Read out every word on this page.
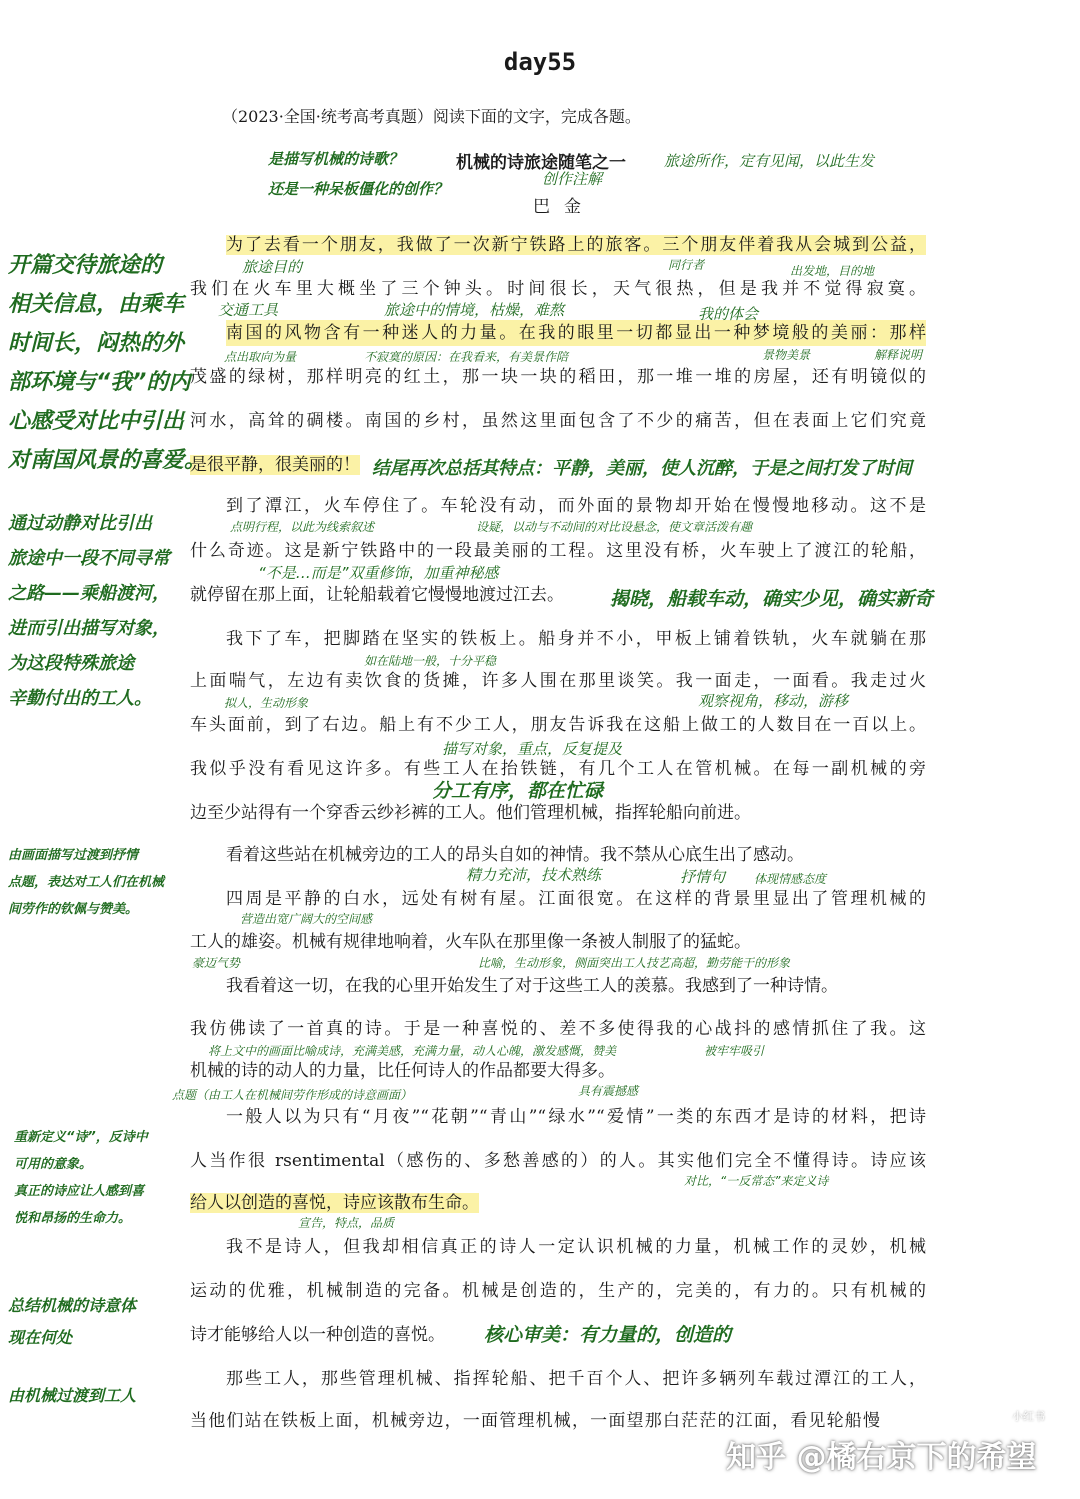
day55
（2023·全国·统考高考真题）阅读下面的文字，完成各题。
机械的诗旅途随笔之一
巴金
为了去看一个朋友，我做了一次新宁铁路上的旅客。三个朋友伴着我从会城到公益，
我们在火车里大概坐了三个钟头。时间很长，天气很热，但是我并不觉得寂寞。
南国的风物含有一种迷人的力量。在我的眼里一切都显出一种梦境般的美丽：那样
茂盛的绿树，那样明亮的红土，那一块一块的稻田，那一堆一堆的房屋，还有明镜似的
河水，高耸的碉楼。南国的乡村，虽然这里面包含了不少的痛苦，但在表面上它们究竟
是很平静，很美丽的！
到了潭江，火车停住了。车轮没有动，而外面的景物却开始在慢慢地移动。这不是
什么奇迹。这是新宁铁路中的一段最美丽的工程。这里没有桥，火车驶上了渡江的轮船，
就停留在那上面，让轮船载着它慢慢地渡过江去。
我下了车，把脚踏在坚实的铁板上。船身并不小，甲板上铺着铁轨，火车就躺在那
上面喘气，左边有卖饮食的货摊，许多人围在那里谈笑。我一面走，一面看。我走过火
车头面前，到了右边。船上有不少工人，朋友告诉我在这船上做工的人数目在一百以上。
我似乎没有看见这许多。有些工人在抬铁链，有几个工人在管机械。在每一副机械的旁
边至少站得有一个穿香云纱衫裤的工人。他们管理机械，指挥轮船向前进。
看着这些站在机械旁边的工人的昂头自如的神情。我不禁从心底生出了感动。
四周是平静的白水，远处有树有屋。江面很宽。在这样的背景里显出了管理机械的
工人的雄姿。机械有规律地响着，火车队在那里像一条被人制服了的猛蛇。
我看着这一切，在我的心里开始发生了对于这些工人的羡慕。我感到了一种诗情。
我仿佛读了一首真的诗。于是一种喜悦的、差不多使得我的心战抖的感情抓住了我。这
机械的诗的动人的力量，比任何诗人的作品都要大得多。
一般人以为只有“月夜”“花朝”“青山”“绿水”“爱情”一类的东西才是诗的材料，把诗
人当作很 rsentimental（感伤的、多愁善感的）的人。其实他们完全不懂得诗。诗应该
给人以创造的喜悦，诗应该散布生命。
我不是诗人，但我却相信真正的诗人一定认识机械的力量，机械工作的灵妙，机械
运动的优雅，机械制造的完备。机械是创造的，生产的，完美的，有力的。只有机械的
诗才能够给人以一种创造的喜悦。
那些工人，那些管理机械、指挥轮船、把千百个人、把许多辆列车载过潭江的工人，
当他们站在铁板上面，机械旁边，一面管理机械，一面望那白茫茫的江面，看见轮船慢
是描写机械的诗歌？
还是一种呆板僵化的创作？
创作注解
旅途所作，定有见闻，以此生发
旅途目的	同行者	出发地，目的地
交通工具	旅途中的情境，枯燥，难熬	我的体会
点出取向为量	不寂寞的原因：在我看来，有美景作陪	景物美景	解释说明
结尾再次总括其特点：平静，美丽，使人沉醉，于是之间打发了时间
点明行程，以此为线索叙述	设疑，以动与不动间的对比设悬念，使文章活泼有趣
“不是…而是”双重修饰，加重神秘感
揭晓，船载车动，确实少见，确实新奇
如在陆地一般，十分平稳
拟人，生动形象	观察视角，移动，游移
描写对象，重点，反复提及
分工有序，都在忙碌
精力充沛，技术熟练	抒情句 体现情感态度
营造出宽广阔大的空间感
豪迈气势	比喻，生动形象，侧面突出工人技艺高超，勤劳能干的形象
将上文中的画面比喻成诗，充满美感，充满力量，动人心魄，激发感慨，赞美	被牢牢吸引
点题（由工人在机械间劳作形成的诗意画面）	具有震撼感
对比，“一反常态”来定义诗
宣告，特点，品质
核心审美：有力量的，创造的
开篇交待旅途的
相关信息，由乘车
时间长，闷热的外
部环境与“我”的内
心感受对比中引出
对南国风景的喜爱。
通过动静对比引出
旅途中一段不同寻常
之路——乘船渡河，
进而引出描写对象，
为这段特殊旅途
辛勤付出的工人。
由画面描写过渡到抒情
点题，表达对工人们在机械
间劳作的钦佩与赞美。
重新定义“诗”，反诗中
可用的意象。
真正的诗应让人感到喜
悦和昂扬的生命力。
总结机械的诗意体
现在何处
由机械过渡到工人
小红书
知乎 @橘右京下的希望
